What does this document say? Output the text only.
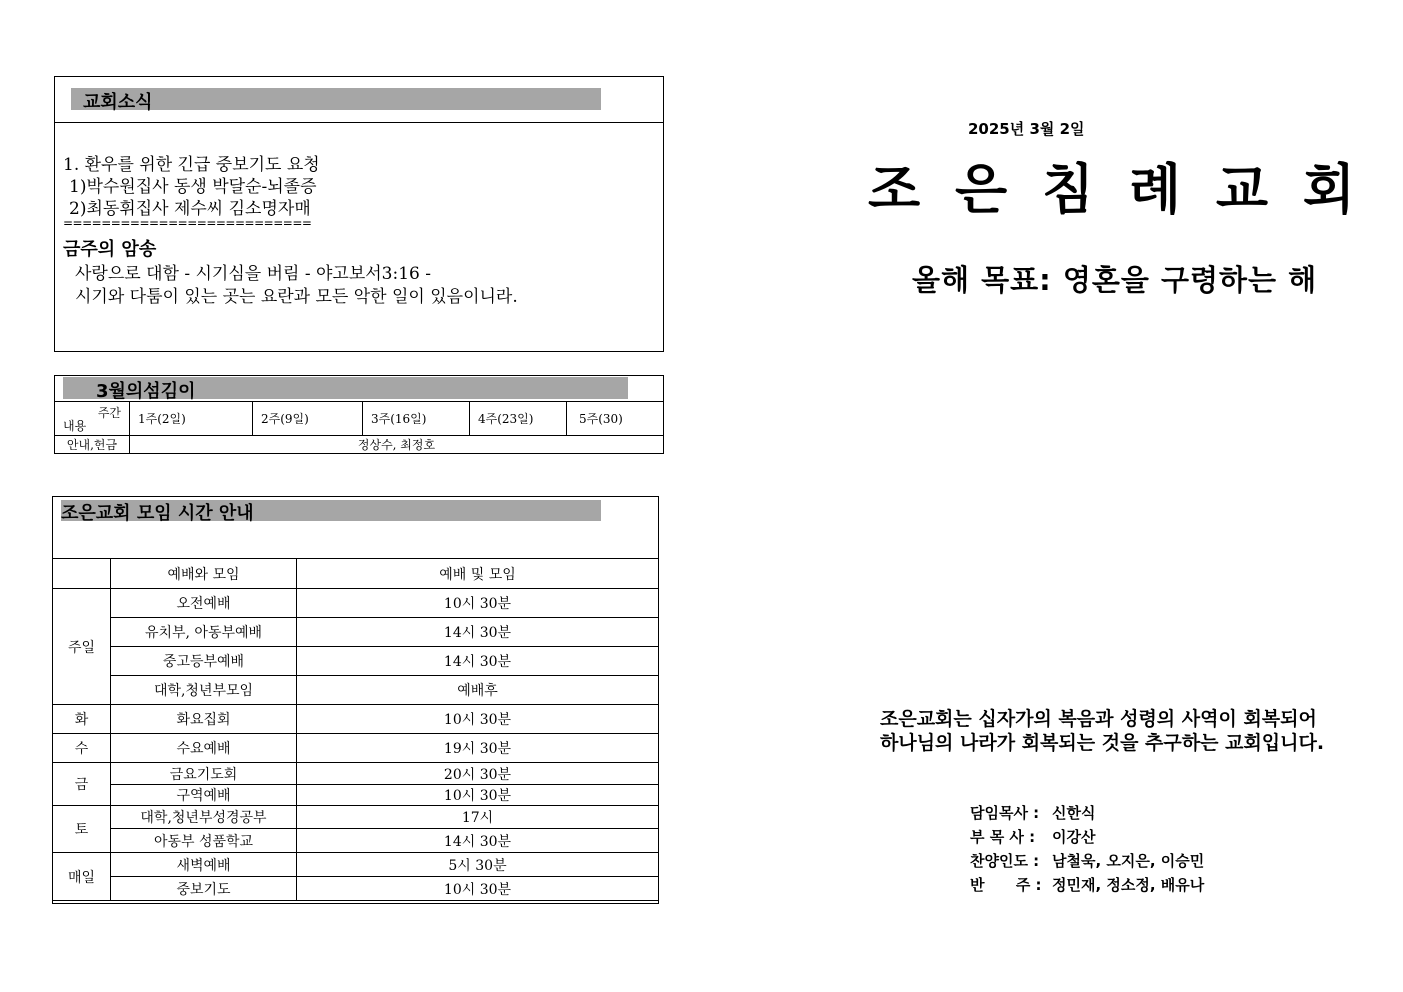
교회소식
1. 환우를 위한 긴급 중보기도 요청
1)박수원집사 동생 박달순-뇌졸증
2)최동휘집사 제수씨 김소명자매
==========================
금주의 암송
사랑으로 대함 - 시기심을 버림 - 야고보서3:16 -
시기와 다툼이 있는 곳는 요란과 모든 악한 일이 있음이니라.
3월의섬김이
주간
내용	1주(2일)	2주(9일)	3주(16일)	4주(23일)	5주(30)
안내,헌금	정상수, 최정호				
조은교회 모임 시간 안내
	예배와 모임	예배 및 모임
주일	오전예배	10시 30분
	유치부, 아동부예배	14시 30분
	중고등부예배	14시 30분
	대학,청년부모임	예배후
화	화요집회	10시 30분
수	수요예배	19시 30분
금	금요기도회	20시 30분
	구역예배	10시 30분
토	대학,청년부성경공부	17시
	아동부 성품학교	14시 30분
매일	새벽예배	5시 30분
	중보기도	10시 30분
2025년 3월 2일
조 은 침 례 교 회
올해 목표: 영혼을 구령하는 해
조은교회는 십자가의 복음과 성령의 사역이 회복되어
하나님의 나라가 회복되는 것을 추구하는 교회입니다.
담임목사 : 신한식
부 목 사 : 이강산
찬양인도 : 남철욱, 오지은, 이승민
반      주 : 정민재, 정소정, 배유나
